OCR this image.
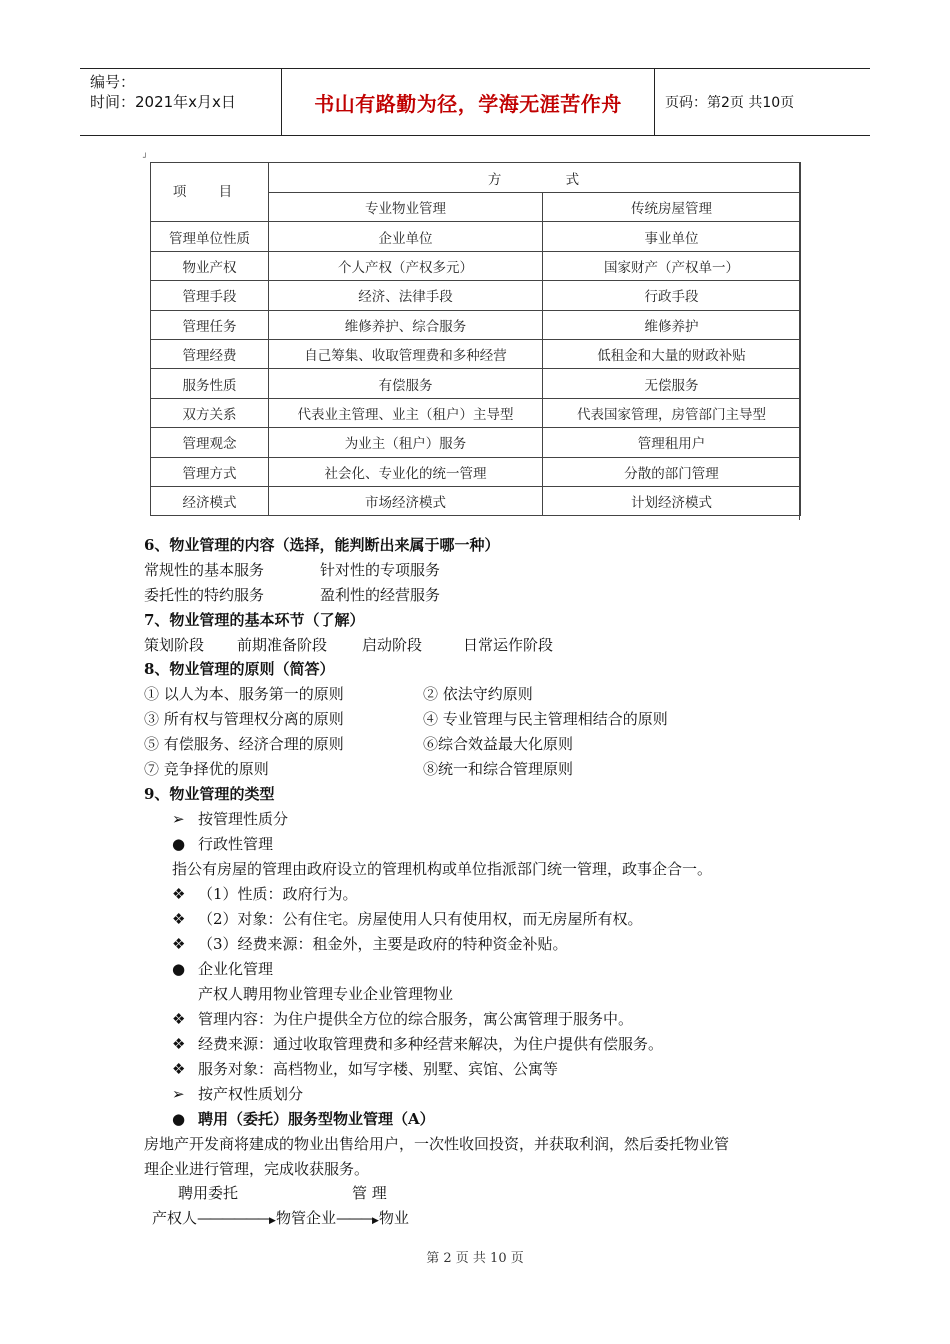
编号：
时间：2021年x月x日	书山有路勤为径，学海无涯苦作舟	页码：第2页 共10页
┘
项 目	方 式	
	专业物业管理	传统房屋管理
管理单位性质	企业单位	事业单位
物业产权	个人产权（产权多元）	国家财产（产权单一）
管理手段	经济、法律手段	行政手段
管理任务	维修养护、综合服务	维修养护
管理经费	自己筹集、收取管理费和多种经营	低租金和大量的财政补贴
服务性质	有偿服务	无偿服务
双方关系	代表业主管理、业主（租户）主导型	代表国家管理，房管部门主导型
管理观念	为业主（租户）服务	管理租用户
管理方式	社会化、专业化的统一管理	分散的部门管理
经济模式	市场经济模式	计划经济模式
6、物业管理的内容（选择，能判断出来属于哪一种）
常规性的基本服务	针对性的专项服务
委托性的特约服务	盈利性的经营服务
7、物业管理的基本环节（了解）
策划阶段 前期准备阶段 启动阶段	日常运作阶段
8、物业管理的原则（简答）
① 以人为本、服务第一的原则	② 依法守约原则
③ 所有权与管理权分离的原则	④ 专业管理与民主管理相结合的原则
⑤ 有偿服务、经济合理的原则	⑥综合效益最大化原则
⑦ 竞争择优的原则	⑧统一和综合管理原则
9、物业管理的类型
➢ 按管理性质分
● 行政性管理
指公有房屋的管理由政府设立的管理机构或单位指派部门统一管理，政事企合一。
❖ （1）性质：政府行为。
❖ （2）对象：公有住宅。房屋使用人只有使用权，而无房屋所有权。
❖ （3）经费来源：租金外，主要是政府的特种资金补贴。
● 企业化管理
产权人聘用物业管理专业企业管理物业
❖ 管理内容：为住户提供全方位的综合服务，寓公寓管理于服务中。
❖ 经费来源：通过收取管理费和多种经营来解决，为住户提供有偿服务。
❖ 服务对象：高档物业，如写字楼、别墅、宾馆、公寓等
➢ 按产权性质划分
● 聘用（委托）服务型物业管理（A）
房地产开发商将建成的物业出售给用户，一次性收回投资，并获取利润，然后委托物业管
理企业进行管理，完成收获服务。
聘用委托	管 理
产权人——————▶物管企业———▶物业
第 2 页 共 10 页
